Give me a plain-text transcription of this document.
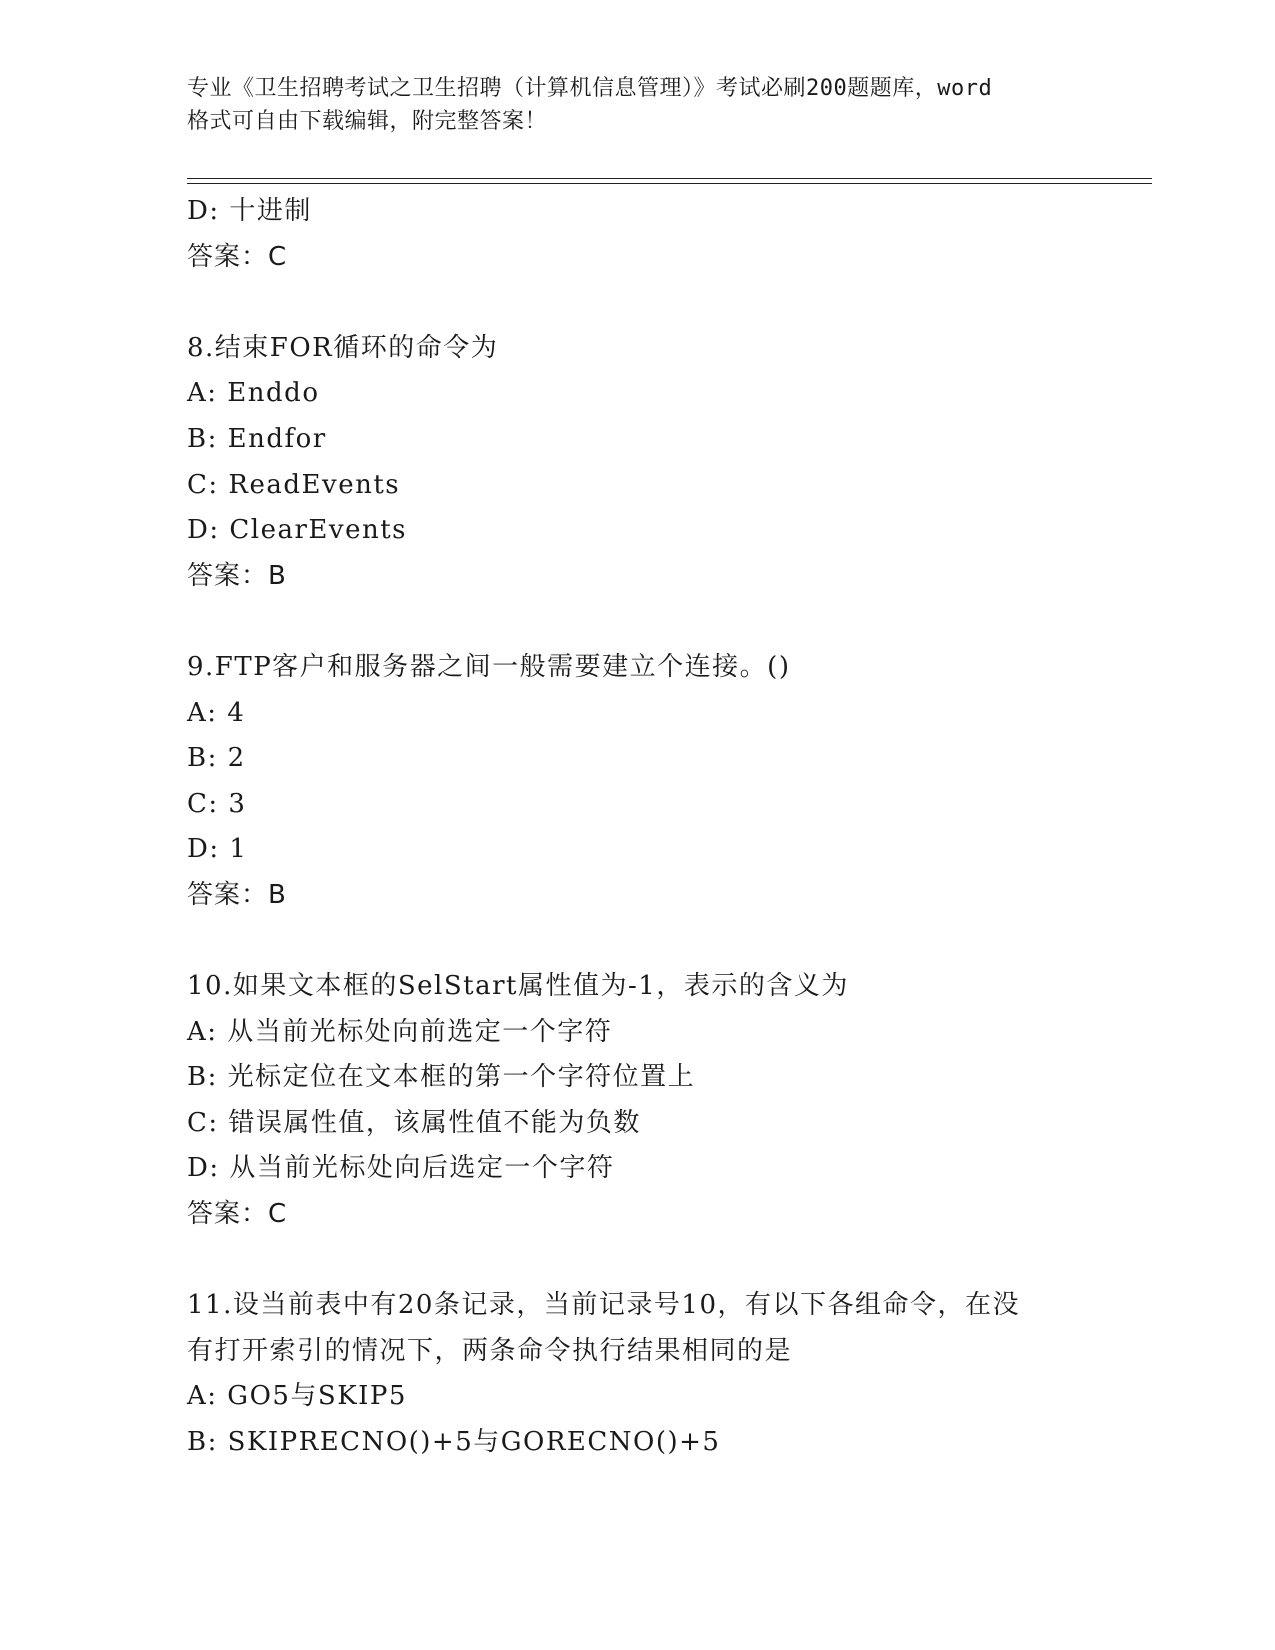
专业《卫生招聘考试之卫生招聘（计算机信息管理）》考试必刷200题题库，word
格式可自由下载编辑，附完整答案！
D: 十进制
答案：C
8.结束FOR循环的命令为
A: Enddo
B: Endfor
C: ReadEvents
D: ClearEvents
答案：B
9.FTP客户和服务器之间一般需要建立个连接。()
A: 4
B: 2
C: 3
D: 1
答案：B
10.如果文本框的SelStart属性值为-1，表示的含义为
A: 从当前光标处向前选定一个字符
B: 光标定位在文本框的第一个字符位置上
C: 错误属性值，该属性值不能为负数
D: 从当前光标处向后选定一个字符
答案：C
11.设当前表中有20条记录，当前记录号10，有以下各组命令，在没
有打开索引的情况下，两条命令执行结果相同的是
A: GO5与SKIP5
B: SKIPRECNO()+5与GORECNO()+5
